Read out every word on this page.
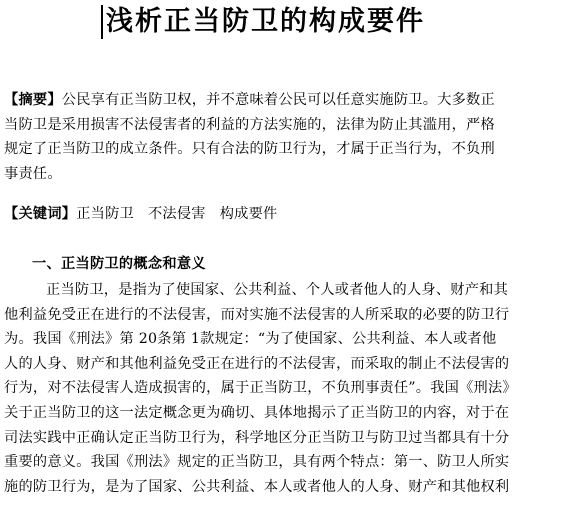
浅析正当防卫的构成要件
【摘要】公民享有正当防卫权，并不意味着公民可以任意实施防卫。大多数正
当防卫是采用损害不法侵害者的利益的方法实施的，法律为防止其滥用，严格
规定了正当防卫的成立条件。只有合法的防卫行为，才属于正当行为，不负刑
事责任。
【关键词】正当防卫 不法侵害 构成要件
一、正当防卫的概念和意义
正当防卫，是指为了使国家、公共利益、个人或者他人的人身、财产和其
他利益免受正在进行的不法侵害，而对实施不法侵害的人所采取的必要的防卫行
为。我国《刑法》第 20条第 1款规定：“为了使国家、公共利益、本人或者他
人的人身、财产和其他利益免受正在进行的不法侵害，而采取的制止不法侵害的
行为，对不法侵害人造成损害的，属于正当防卫，不负刑事责任”。我国《刑法》
关于正当防卫的这一法定概念更为确切、具体地揭示了正当防卫的内容，对于在
司法实践中正确认定正当防卫行为，科学地区分正当防卫与防卫过当都具有十分
重要的意义。我国《刑法》规定的正当防卫，具有两个特点：第一、防卫人所实
施的防卫行为，是为了国家、公共利益、本人或者他人的人身、财产和其他权利
